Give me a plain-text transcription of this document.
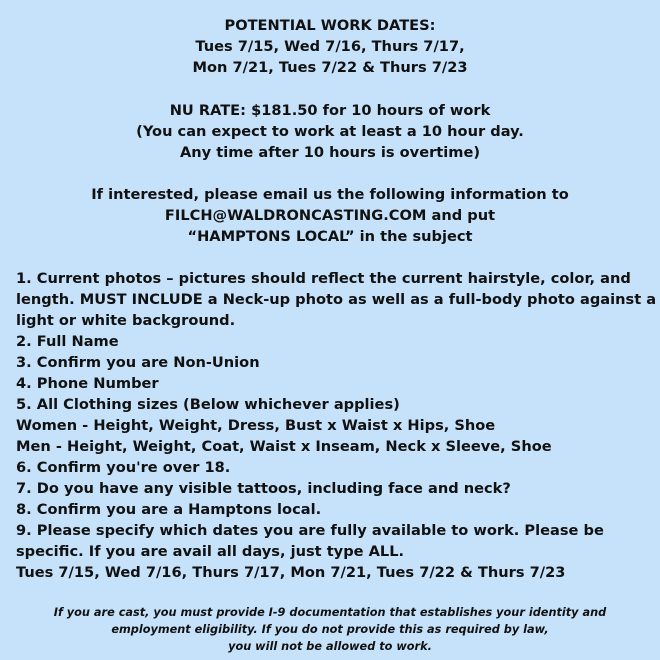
POTENTIAL WORK DATES:
Tues 7/15, Wed 7/16, Thurs 7/17,
Mon 7/21, Tues 7/22 & Thurs 7/23
NU RATE: $181.50 for 10 hours of work
(You can expect to work at least a 10 hour day.
Any time after 10 hours is overtime)
If interested, please email us the following information to
FILCH@WALDRONCASTING.COM and put
“HAMPTONS LOCAL” in the subject
1. Current photos – pictures should reflect the current hairstyle, color, and
length. MUST INCLUDE a Neck-up photo as well as a full-body photo against a
light or white background.
2. Full Name
3. Confirm you are Non-Union
4. Phone Number
5. All Clothing sizes (Below whichever applies)
Women - Height, Weight, Dress, Bust x Waist x Hips, Shoe
Men - Height, Weight, Coat, Waist x Inseam, Neck x Sleeve, Shoe
6. Confirm you're over 18.
7. Do you have any visible tattoos, including face and neck?
8. Confirm you are a Hamptons local.
9. Please specify which dates you are fully available to work. Please be
specific. If you are avail all days, just type ALL.
Tues 7/15, Wed 7/16, Thurs 7/17, Mon 7/21, Tues 7/22 & Thurs 7/23
If you are cast, you must provide I-9 documentation that establishes your identity and
employment eligibility. If you do not provide this as required by law,
you will not be allowed to work.
